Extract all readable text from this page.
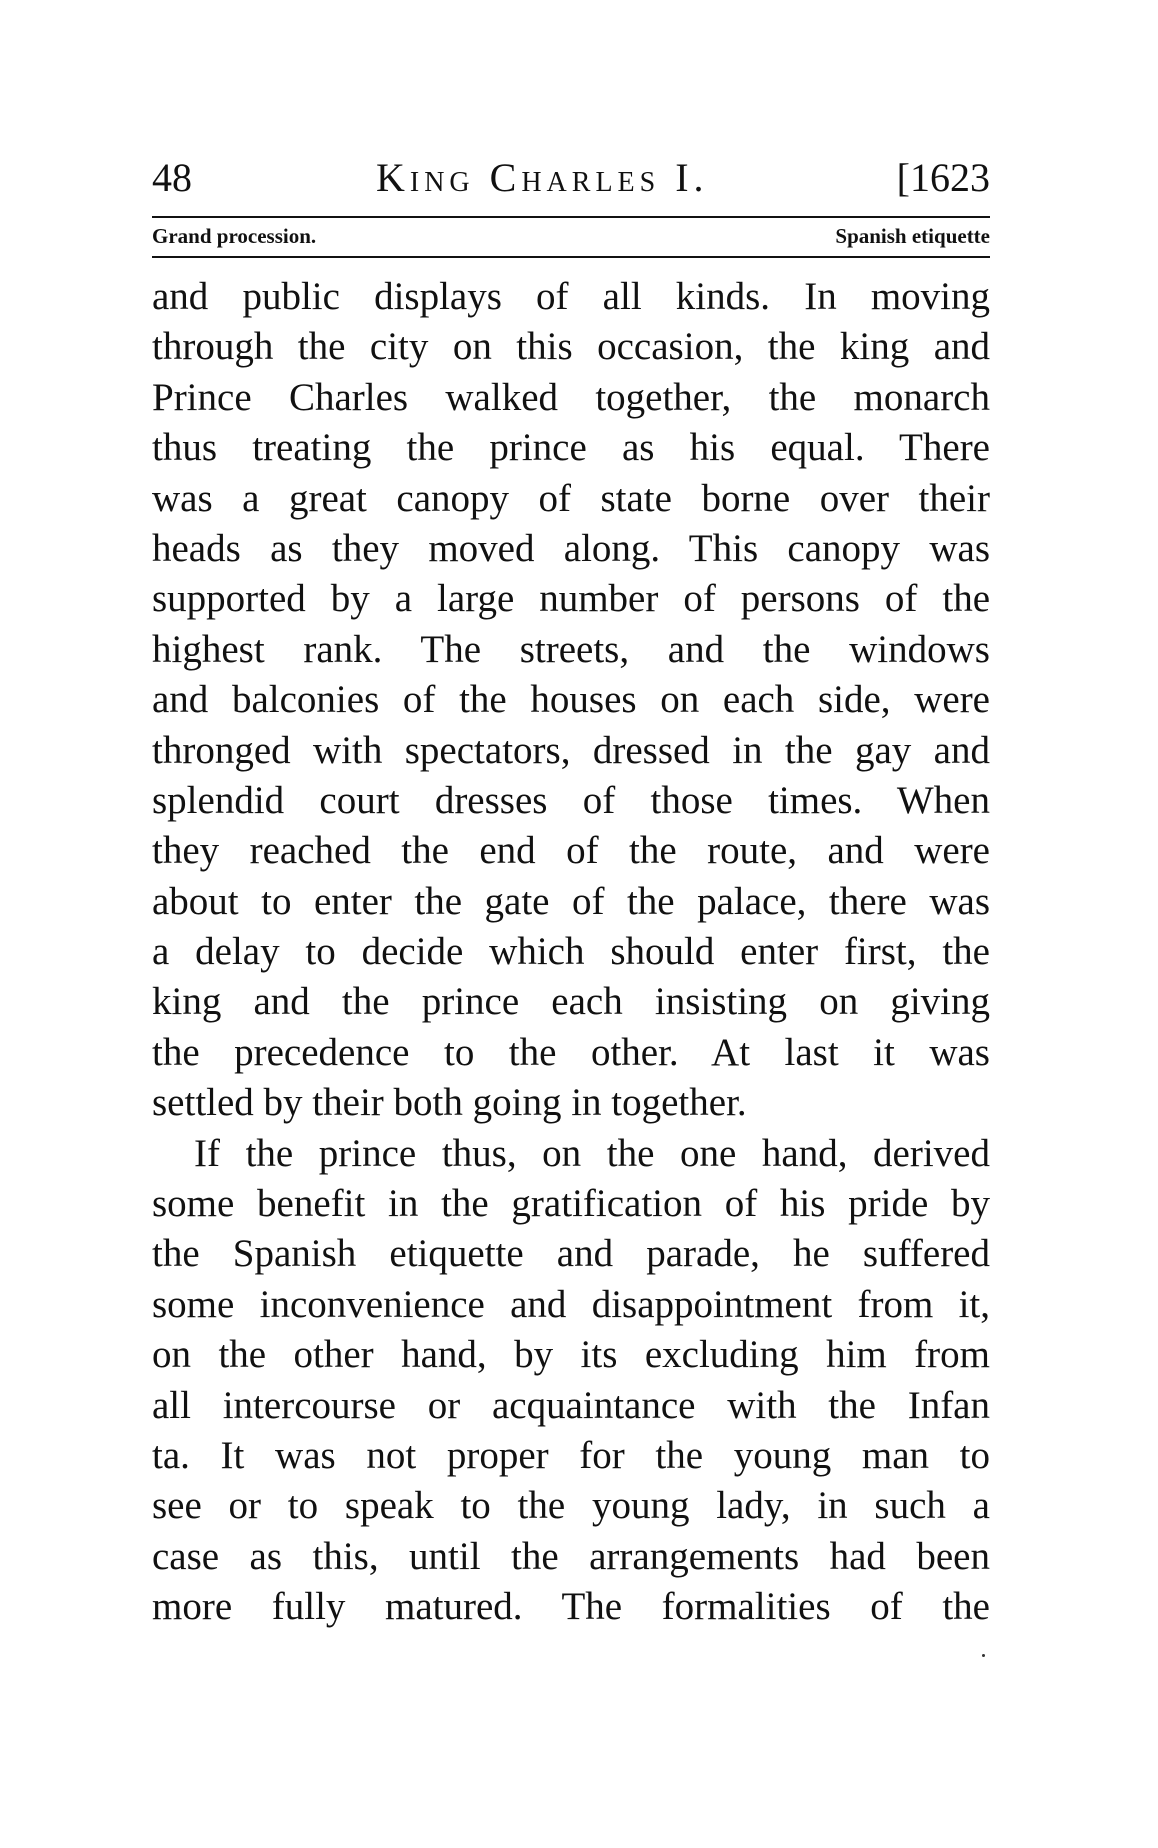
48	King Charles I.	[1623
Grand procession.	Spanish etiquette
and public displays of all kinds. In moving
through the city on this occasion, the king and
Prince Charles walked together, the monarch
thus treating the prince as his equal. There
was a great canopy of state borne over their
heads as they moved along. This canopy was
supported by a large number of persons of the
highest rank. The streets, and the windows
and balconies of the houses on each side, were
thronged with spectators, dressed in the gay and
splendid court dresses of those times. When
they reached the end of the route, and were
about to enter the gate of the palace, there was
a delay to decide which should enter first, the
king and the prince each insisting on giving
the precedence to the other. At last it was
settled by their both going in together.
If the prince thus, on the one hand, derived
some benefit in the gratification of his pride by
the Spanish etiquette and parade, he suffered
some inconvenience and disappointment from it,
on the other hand, by its excluding him from
all intercourse or acquaintance with the Infan
ta. It was not proper for the young man to
see or to speak to the young lady, in such a
case as this, until the arrangements had been
more fully matured. The formalities of the
